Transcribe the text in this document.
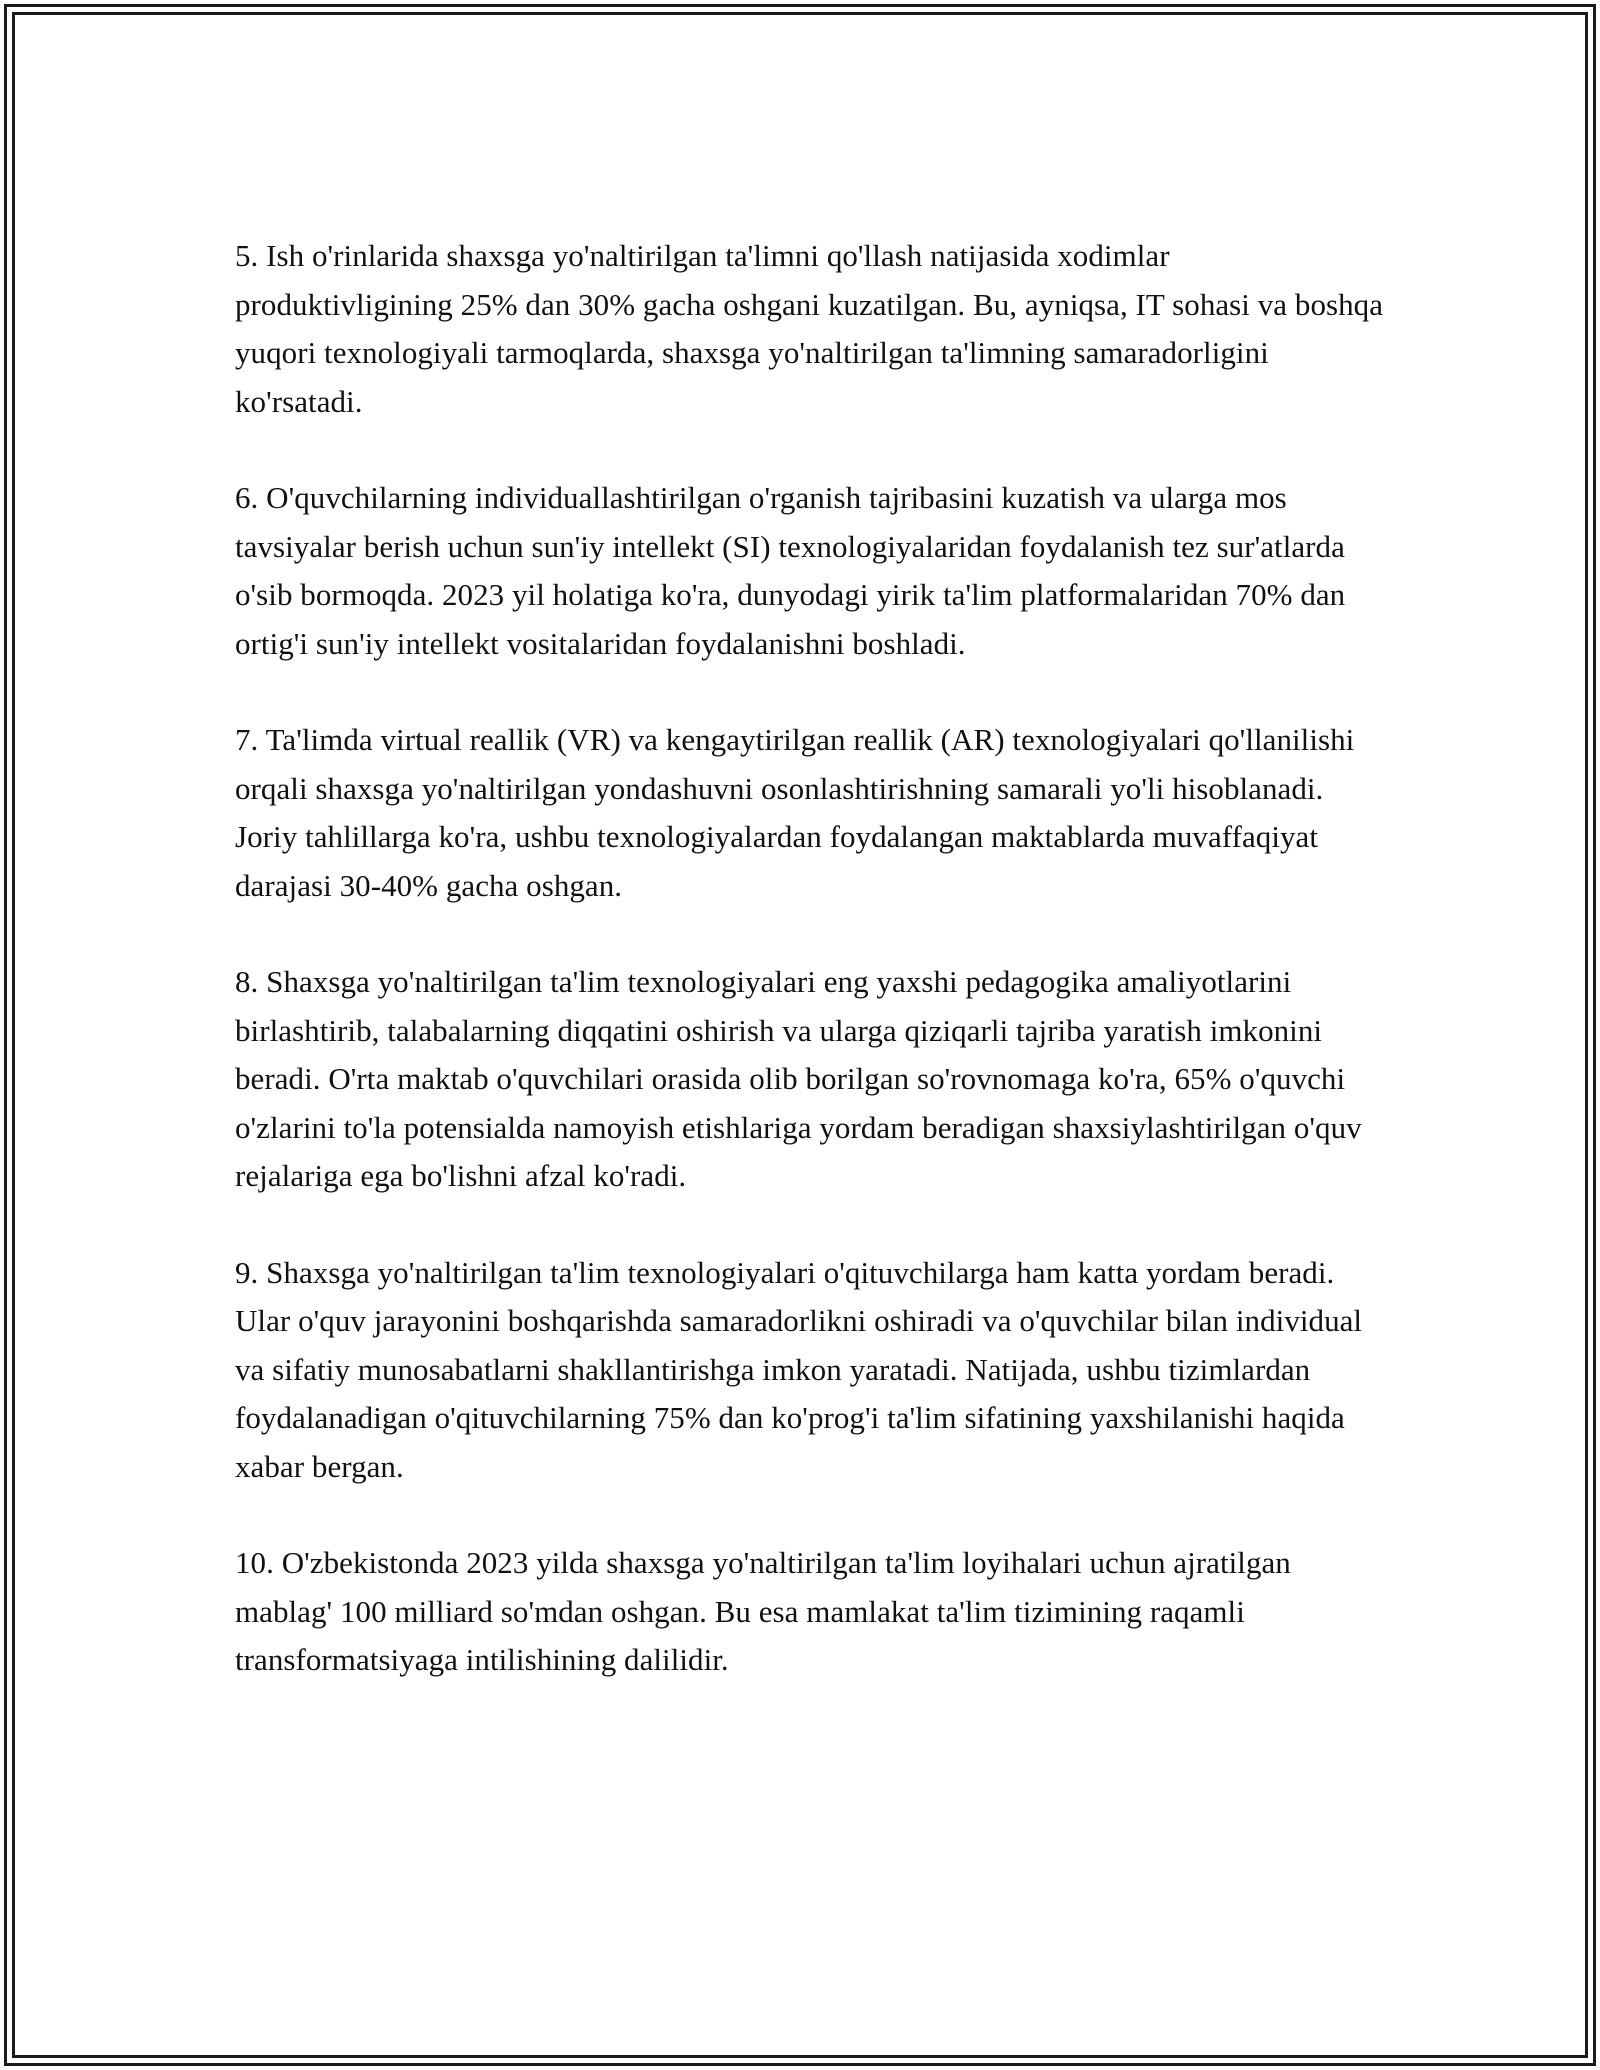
5. Ish o'rinlarida shaxsga yo'naltirilgan ta'limni qo'llash natijasida xodimlar produktivligining 25% dan 30% gacha oshgani kuzatilgan. Bu, ayniqsa, IT sohasi va boshqa yuqori texnologiyali tarmoqlarda, shaxsga yo'naltirilgan ta'limning samaradorligini ko'rsatadi.

6. O'quvchilarning individuallashtirilgan o'rganish tajribasini kuzatish va ularga mos tavsiyalar berish uchun sun'iy intellekt (SI) texnologiyalaridan foydalanish tez sur'atlarda o'sib bormoqda. 2023 yil holatiga ko'ra, dunyodagi yirik ta'lim platformalaridan 70% dan ortig'i sun'iy intellekt vositalaridan foydalanishni boshladi.

7. Ta'limda virtual reallik (VR) va kengaytirilgan reallik (AR) texnologiyalari qo'llanilishi orqali shaxsga yo'naltirilgan yondashuvni osonlashtirishning samarali yo'li hisoblanadi. Joriy tahlillarga ko'ra, ushbu texnologiyalardan foydalangan maktablarda muvaffaqiyat darajasi 30-40% gacha oshgan.

8. Shaxsga yo'naltirilgan ta'lim texnologiyalari eng yaxshi pedagogika amaliyotlarini birlashtirib, talabalarning diqqatini oshirish va ularga qiziqarli tajriba yaratish imkonini beradi. O'rta maktab o'quvchilari orasida olib borilgan so'rovnomaga ko'ra, 65% o'quvchi o'zlarini to'la potensialda namoyish etishlariga yordam beradigan shaxsiylashtirilgan o'quv rejalariga ega bo'lishni afzal ko'radi.

9. Shaxsga yo'naltirilgan ta'lim texnologiyalari o'qituvchilarga ham katta yordam beradi. Ular o'quv jarayonini boshqarishda samaradorlikni oshiradi va o'quvchilar bilan individual va sifatiy munosabatlarni shakllantirishga imkon yaratadi. Natijada, ushbu tizimlardan foydalanadigan o'qituvchilarning 75% dan ko'prog'i ta'lim sifatining yaxshilanishi haqida xabar bergan.

10. O'zbekistonda 2023 yilda shaxsga yo'naltirilgan ta'lim loyihalari uchun ajratilgan mablag' 100 milliard so'mdan oshgan. Bu esa mamlakat ta'lim tizimining raqamli transformatsiyaga intilishining dalilidir.
